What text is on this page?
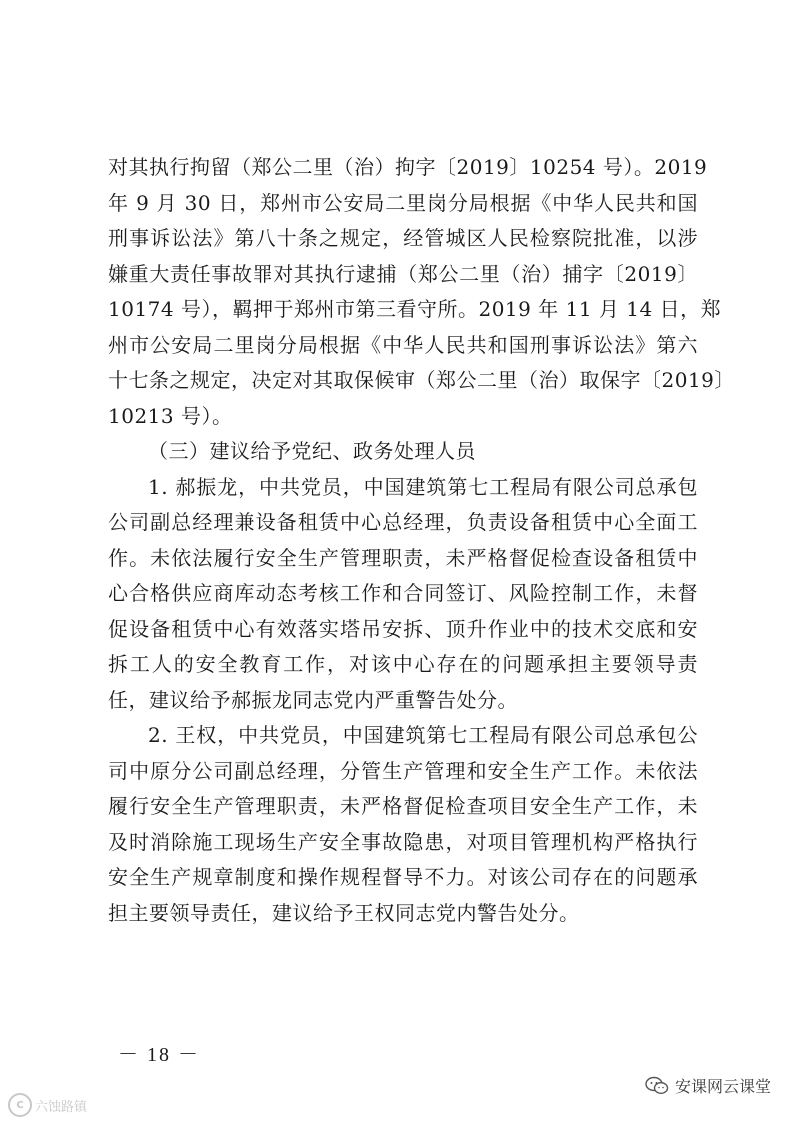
对其执行拘留（郑公二里（治）拘字〔2019〕10254 号）。2019
年 9 月 30 日，郑州市公安局二里岗分局根据《中华人民共和国
刑事诉讼法》第八十条之规定，经管城区人民检察院批准，以涉
嫌重大责任事故罪对其执行逮捕（郑公二里（治）捕字〔2019〕
10174 号），羁押于郑州市第三看守所。2019 年 11 月 14 日，郑
州市公安局二里岗分局根据《中华人民共和国刑事诉讼法》第六
十七条之规定，决定对其取保候审（郑公二里（治）取保字〔2019〕
10213 号）。
（三）建议给予党纪、政务处理人员
1. 郝振龙，中共党员，中国建筑第七工程局有限公司总承包
公司副总经理兼设备租赁中心总经理，负责设备租赁中心全面工
作。未依法履行安全生产管理职责，未严格督促检查设备租赁中
心合格供应商库动态考核工作和合同签订、风险控制工作，未督
促设备租赁中心有效落实塔吊安拆、顶升作业中的技术交底和安
拆工人的安全教育工作，对该中心存在的问题承担主要领导责
任，建议给予郝振龙同志党内严重警告处分。
2. 王权，中共党员，中国建筑第七工程局有限公司总承包公
司中原分公司副总经理，分管生产管理和安全生产工作。未依法
履行安全生产管理职责，未严格督促检查项目安全生产工作，未
及时消除施工现场生产安全事故隐患，对项目管理机构严格执行
安全生产规章制度和操作规程督导不力。对该公司存在的问题承
担主要领导责任，建议给予王权同志党内警告处分。
－ 18 －
C 六蚀路镇
安课网云课堂
